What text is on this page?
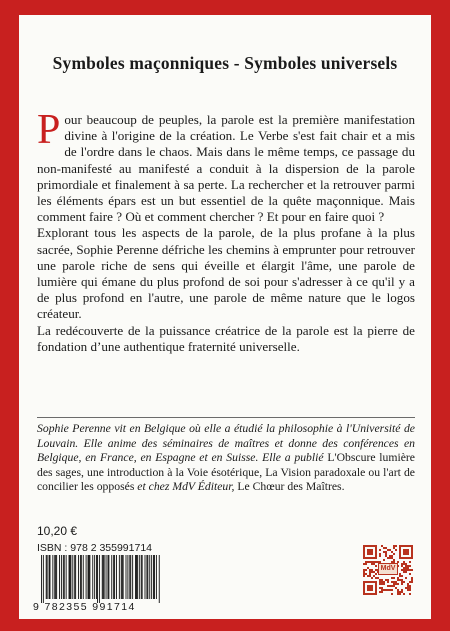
Symboles maçonniques - Symboles universels

Pour beaucoup de peuples, la parole est la première manifestation divine à l'origine de la création. Le Verbe s'est fait chair et a mis de l'ordre dans le chaos. Mais dans le même temps, ce passage du non-manifesté au manifesté a conduit à la dispersion de la parole primordiale et finalement à sa perte. La rechercher et la retrouver parmi les éléments épars est un but essentiel de la quête maçonnique. Mais comment faire ? Où et comment chercher ? Et pour en faire quoi ?

Explorant tous les aspects de la parole, de la plus profane à la plus sacrée, Sophie Perenne défriche les chemins à emprunter pour retrouver une parole riche de sens qui éveille et élargit l'âme, une parole de lumière qui émane du plus profond de soi pour s'adresser à ce qu'il y a de plus profond en l'autre, une parole de même nature que le logos créateur.

La redécouverte de la puissance créatrice de la parole est la pierre de fondation d’une authentique fraternité universelle.

Sophie Perenne vit en Belgique où elle a étudié la philosophie à l'Université de Louvain. Elle anime des séminaires de maîtres et donne des conférences en Belgique, en France, en Espagne et en Suisse. Elle a publié L'Obscure lumière des sages, une introduction à la Voie ésotérique, La Vision paradoxale ou l'art de concilier les opposés et chez MdV Éditeur, Le Chœur des Maîtres.
10,20 €
ISBN : 978 2 355991714
9 782355 991714
MdV
